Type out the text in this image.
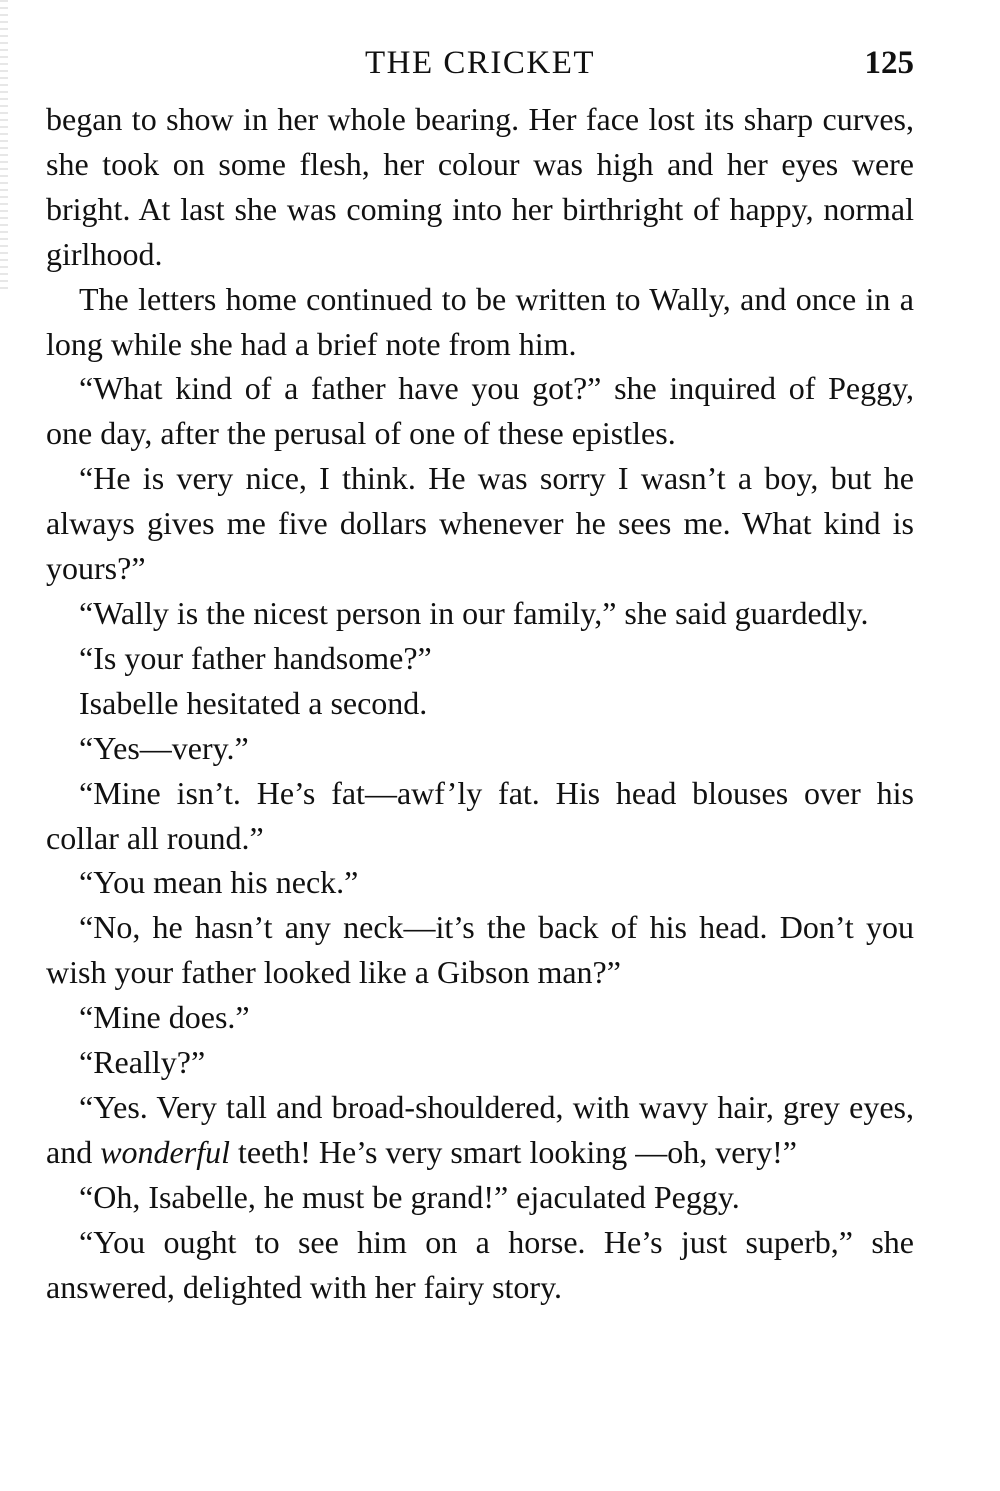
THE CRICKET	125

began to show in her whole bearing. Her face lost its sharp curves, she took on some flesh, her colour was high and her eyes were bright. At last she was coming into her birthright of happy, normal girlhood.

The letters home continued to be written to Wally, and once in a long while she had a brief note from him.

“What kind of a father have you got?” she inquired of Peggy, one day, after the perusal of one of these epistles.

“He is very nice, I think. He was sorry I wasn’t a boy, but he always gives me five dollars whenever he sees me. What kind is yours?”

“Wally is the nicest person in our family,” she said guardedly.

“Is your father handsome?”

Isabelle hesitated a second.

“Yes—very.”

“Mine isn’t. He’s fat—awf’ly fat. His head blouses over his collar all round.”

“You mean his neck.”

“No, he hasn’t any neck—it’s the back of his head. Don’t you wish your father looked like a Gibson man?”

“Mine does.”

“Really?”

“Yes. Very tall and broad-shouldered, with wavy hair, grey eyes, and wonderful teeth! He’s very smart looking —oh, very!”

“Oh, Isabelle, he must be grand!” ejaculated Peggy.

“You ought to see him on a horse. He’s just superb,” she answered, delighted with her fairy story.
